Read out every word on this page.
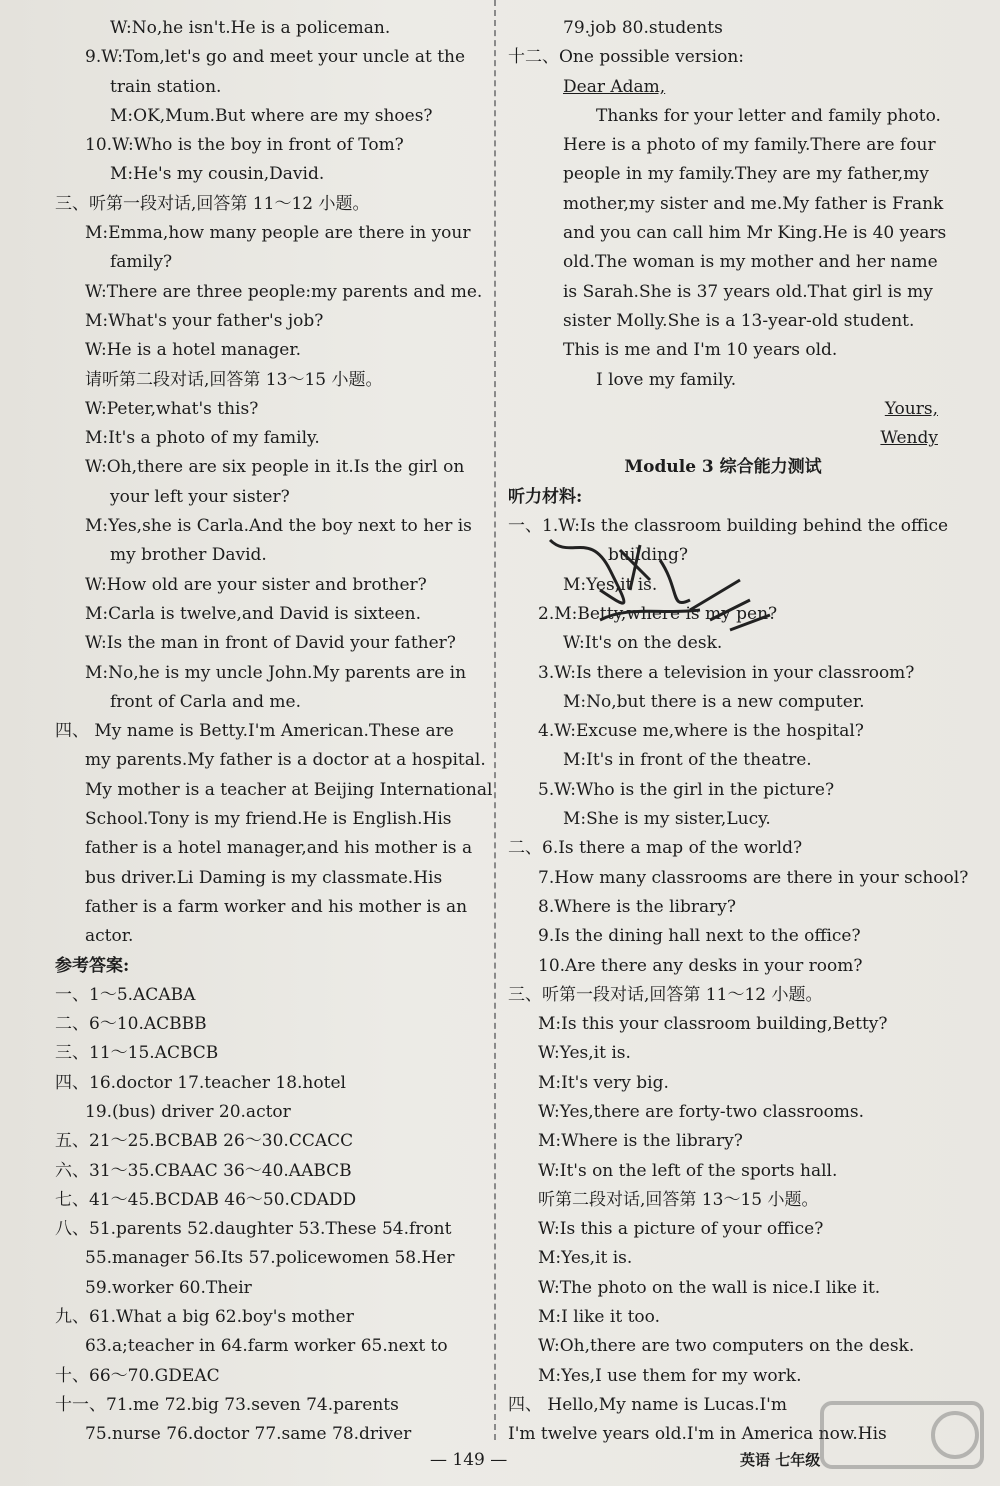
W:No,he isn't.He is a policeman.
9.W:Tom,let's go and meet your uncle at the
train station.
M:OK,Mum.But where are my shoes?
10.W:Who is the boy in front of Tom?
M:He's my cousin,David.
三、听第一段对话,回答第 11～12 小题。
M:Emma,how many people are there in your
family?
W:There are three people:my parents and me.
M:What's your father's job?
W:He is a hotel manager.
请听第二段对话,回答第 13～15 小题。
W:Peter,what's this?
M:It's a photo of my family.
W:Oh,there are six people in it.Is the girl on
your left your sister?
M:Yes,she is Carla.And the boy next to her is
my brother David.
W:How old are your sister and brother?
M:Carla is twelve,and David is sixteen.
W:Is the man in front of David your father?
M:No,he is my uncle John.My parents are in
front of Carla and me.
四、 My name is Betty.I'm American.These are
my parents.My father is a doctor at a hospital.
My mother is a teacher at Beijing International
School.Tony is my friend.He is English.His
father is a hotel manager,and his mother is a
bus driver.Li Daming is my classmate.His
father is a farm worker and his mother is an
actor.
参考答案:
一、1～5.ACABA
二、6～10.ACBBB
三、11～15.ACBCB
四、16.doctor 17.teacher 18.hotel
19.(bus) driver 20.actor
五、21～25.BCBAB 26～30.CCACC
六、31～35.CBAAC 36～40.AABCB
七、41～45.BCDAB 46～50.CDADD
八、51.parents 52.daughter 53.These 54.front
55.manager 56.Its 57.policewomen 58.Her
59.worker 60.Their
九、61.What a big 62.boy's mother
63.a;teacher in 64.farm worker 65.next to
十、66～70.GDEAC
十一、71.me 72.big 73.seven 74.parents
75.nurse 76.doctor 77.same 78.driver
79.job 80.students
十二、One possible version:
Dear Adam,
Thanks for your letter and family photo.
Here is a photo of my family.There are four
people in my family.They are my father,my
mother,my sister and me.My father is Frank
and you can call him Mr King.He is 40 years
old.The woman is my mother and her name
is Sarah.She is 37 years old.That girl is my
sister Molly.She is a 13-year-old student.
This is me and I'm 10 years old.
I love my family.
Yours,
Wendy
Module 3 综合能力测试
听力材料:
一、1.W:Is the classroom building behind the office
building?
M:Yes,it is.
2.M:Betty,where is my pen?
W:It's on the desk.
3.W:Is there a television in your classroom?
M:No,but there is a new computer.
4.W:Excuse me,where is the hospital?
M:It's in front of the theatre.
5.W:Who is the girl in the picture?
M:She is my sister,Lucy.
二、6.Is there a map of the world?
7.How many classrooms are there in your school?
8.Where is the library?
9.Is the dining hall next to the office?
10.Are there any desks in your room?
三、听第一段对话,回答第 11～12 小题。
M:Is this your classroom building,Betty?
W:Yes,it is.
M:It's very big.
W:Yes,there are forty-two classrooms.
M:Where is the library?
W:It's on the left of the sports hall.
听第二段对话,回答第 13～15 小题。
W:Is this a picture of your office?
M:Yes,it is.
W:The photo on the wall is nice.I like it.
M:I like it too.
W:Oh,there are two computers on the desk.
M:Yes,I use them for my work.
四、 Hello,My name is Lucas.I'm
I'm twelve years old.I'm in America now.His
— 149 —	英语 七年级
